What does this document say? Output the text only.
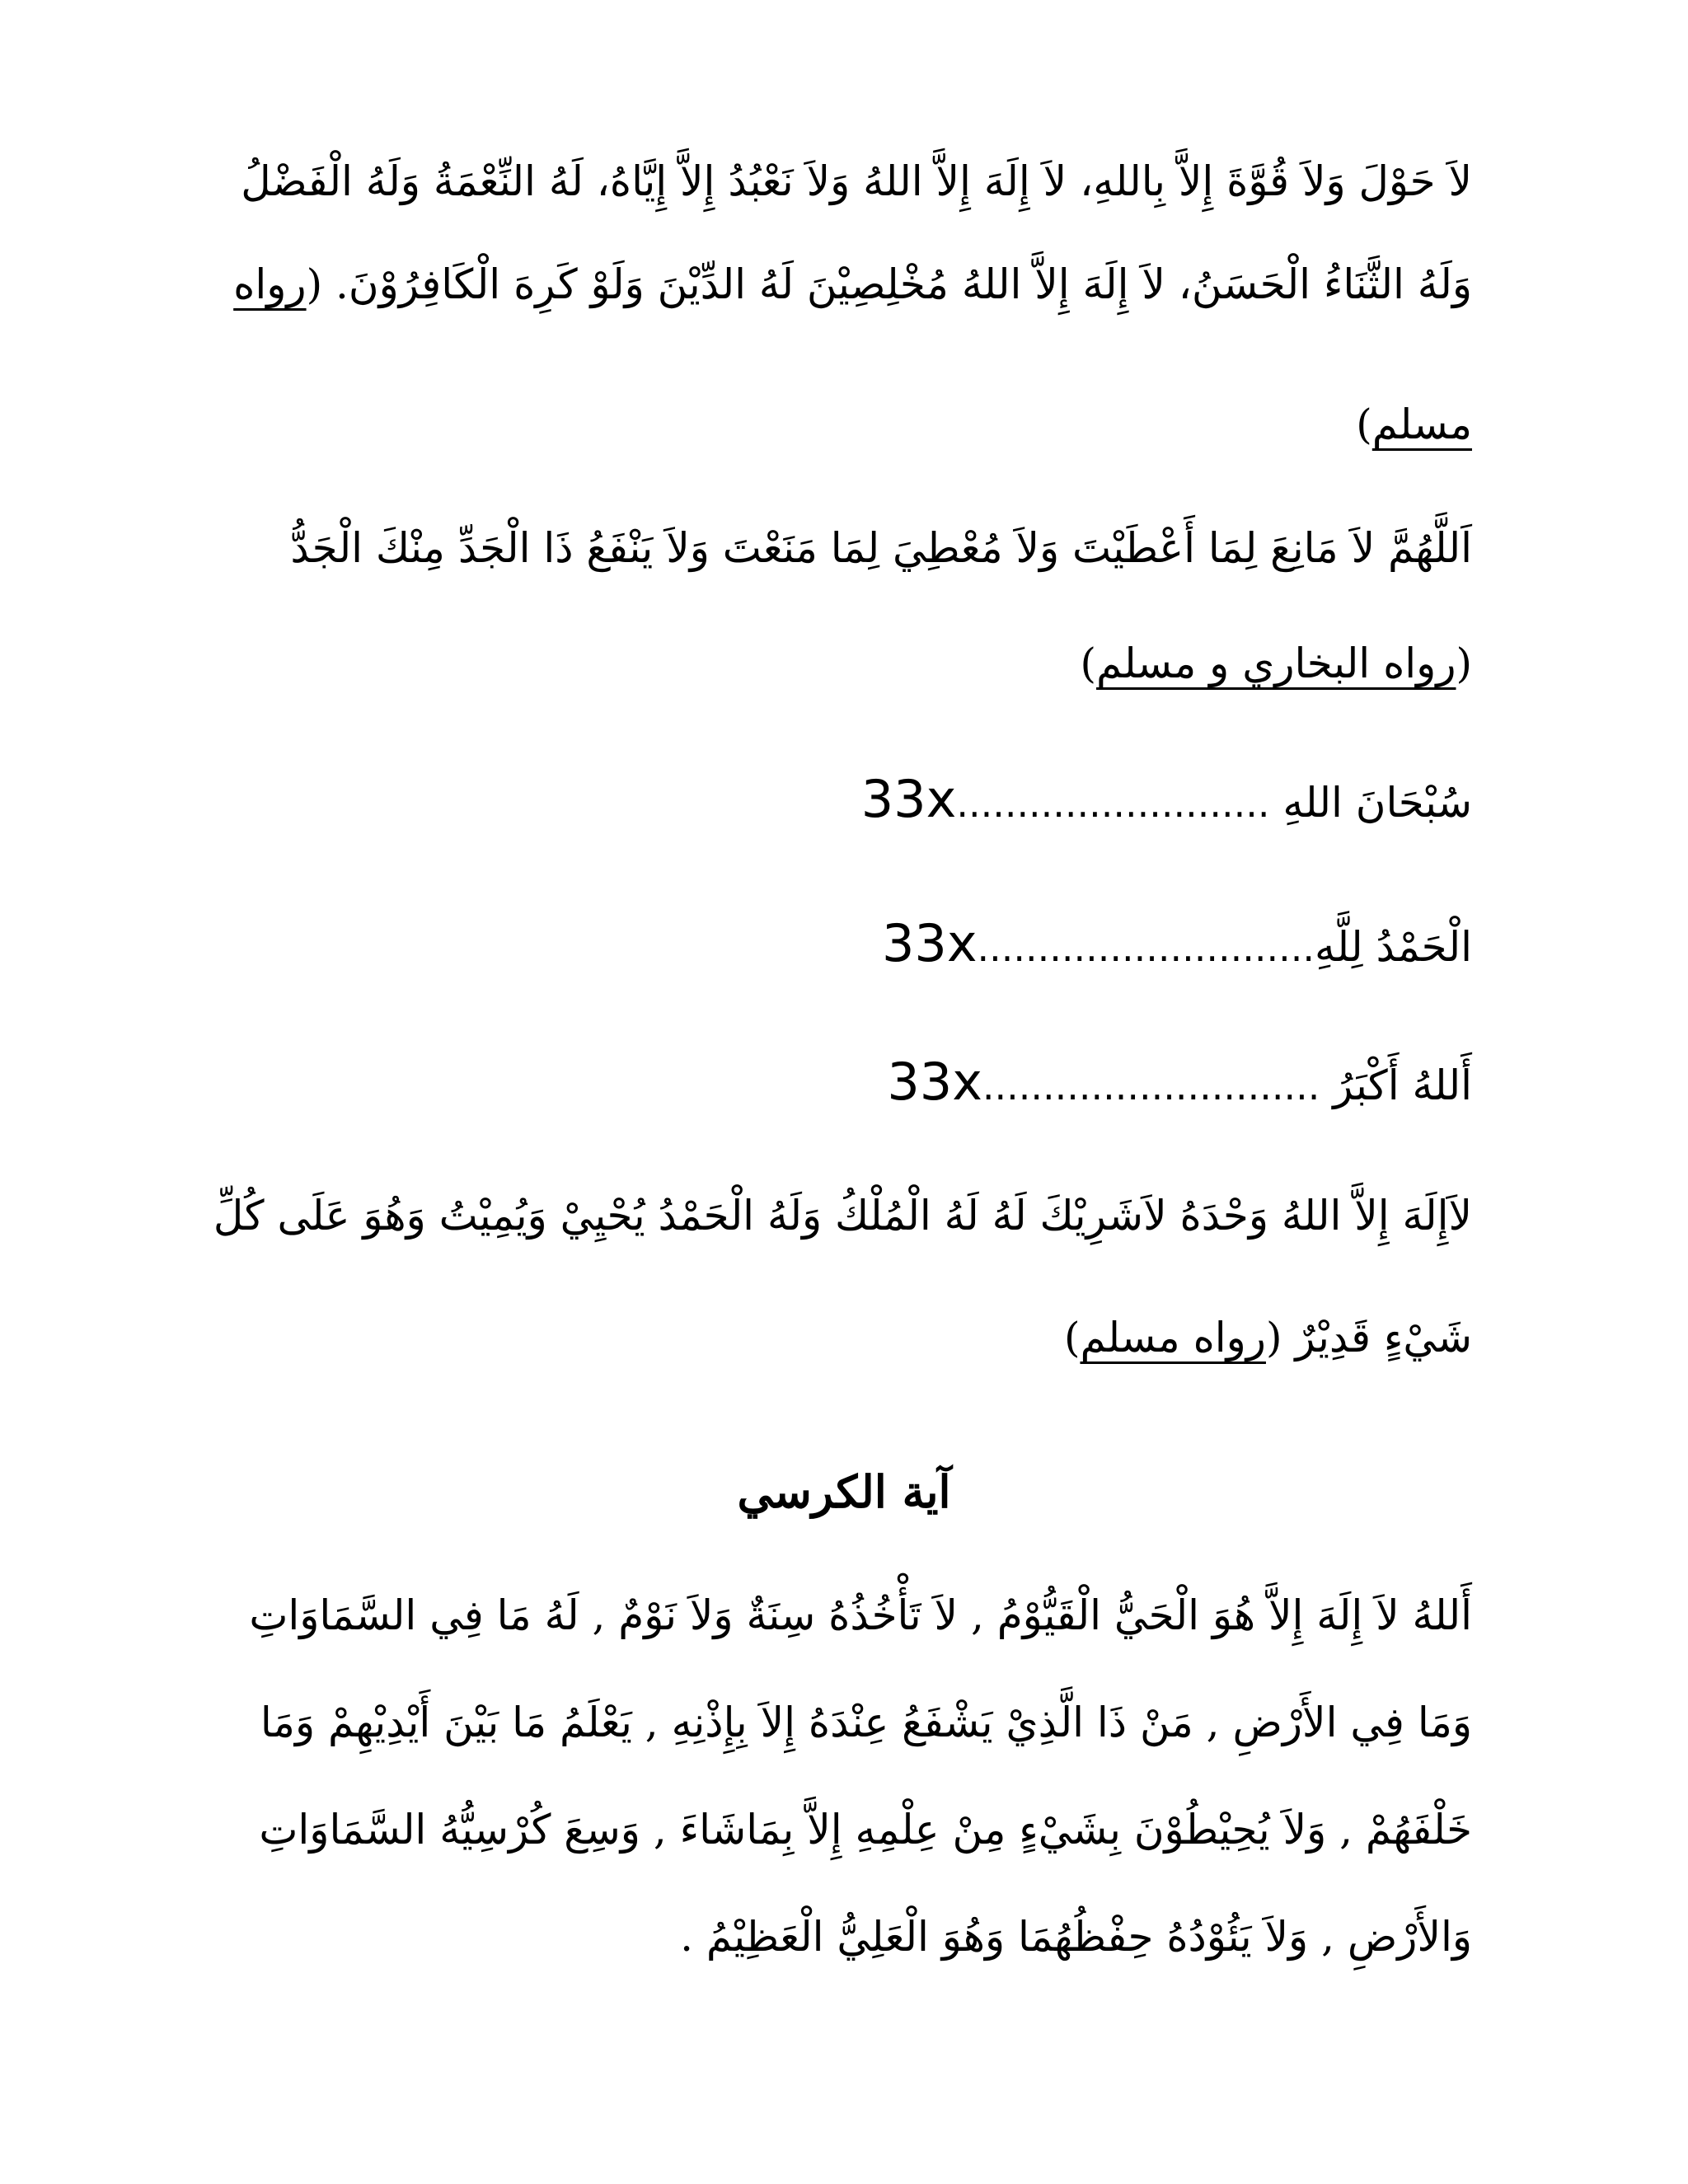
لاَ حَوْلَ وَلاَ قُوَّةَ إِلاَّ بِاللهِ، لاَ إِلَهَ إِلاَّ اللهُ وَلاَ نَعْبُدُ إِلاَّ إِيَّاهُ، لَهُ النِّعْمَةُ وَلَهُ الْفَضْلُ
وَلَهُ الثَّنَاءُ الْحَسَنُ، لاَ إِلَهَ إِلاَّ اللهُ مُخْلِصِيْنَ لَهُ الدِّيْنَ وَلَوْ كَرِهَ الْكَافِرُوْنَ. (رواه
مسلم)
اَللَّهُمَّ لاَ مَانِعَ لِمَا أَعْطَيْتَ وَلاَ مُعْطِيَ لِمَا مَنَعْتَ وَلاَ يَنْفَعُ ذَا الْجَدِّ مِنْكَ الْجَدُّ
(رواه البخاري و مسلم)
سُبْحَانَ اللهِ ..........................33x
الْحَمْدُ لِلَّهِ............................33x
أَللهُ أَكْبَرُ ............................33x
لاَإِلَهَ إِلاَّ اللهُ وَحْدَهُ لاَشَرِيْكَ لَهُ لَهُ الْمُلْكُ وَلَهُ الْحَمْدُ يُحْيِيْ وَيُمِيْتُ وَهُوَ عَلَى كُلِّ
شَيْءٍ قَدِيْرٌ (رواه مسلم)
آية الكرسي
أَللهُ لاَ إِلَهَ إِلاَّ هُوَ الْحَيُّ الْقَيُّوْمُ , لاَ تَأْخُذُهُ سِنَةٌ وَلاَ نَوْمٌ , لَهُ مَا فِي السَّمَاوَاتِ
وَمَا فِي الأَرْضِ , مَنْ ذَا الَّذِيْ يَشْفَعُ عِنْدَهُ إِلاَ بِإِذْنِهِ , يَعْلَمُ مَا بَيْنَ أَيْدِيْهِمْ وَمَا
خَلْفَهُمْ , وَلاَ يُحِيْطُوْنَ بِشَيْءٍ مِنْ عِلْمِهِ إِلاَّ بِمَاشَاءَ , وَسِعَ كُرْسِيُّهُ السَّمَاوَاتِ
وَالأَرْضِ , وَلاَ يَئُوْدُهُ حِفْظُهُمَا وَهُوَ الْعَلِيُّ الْعَظِيْمُ .
